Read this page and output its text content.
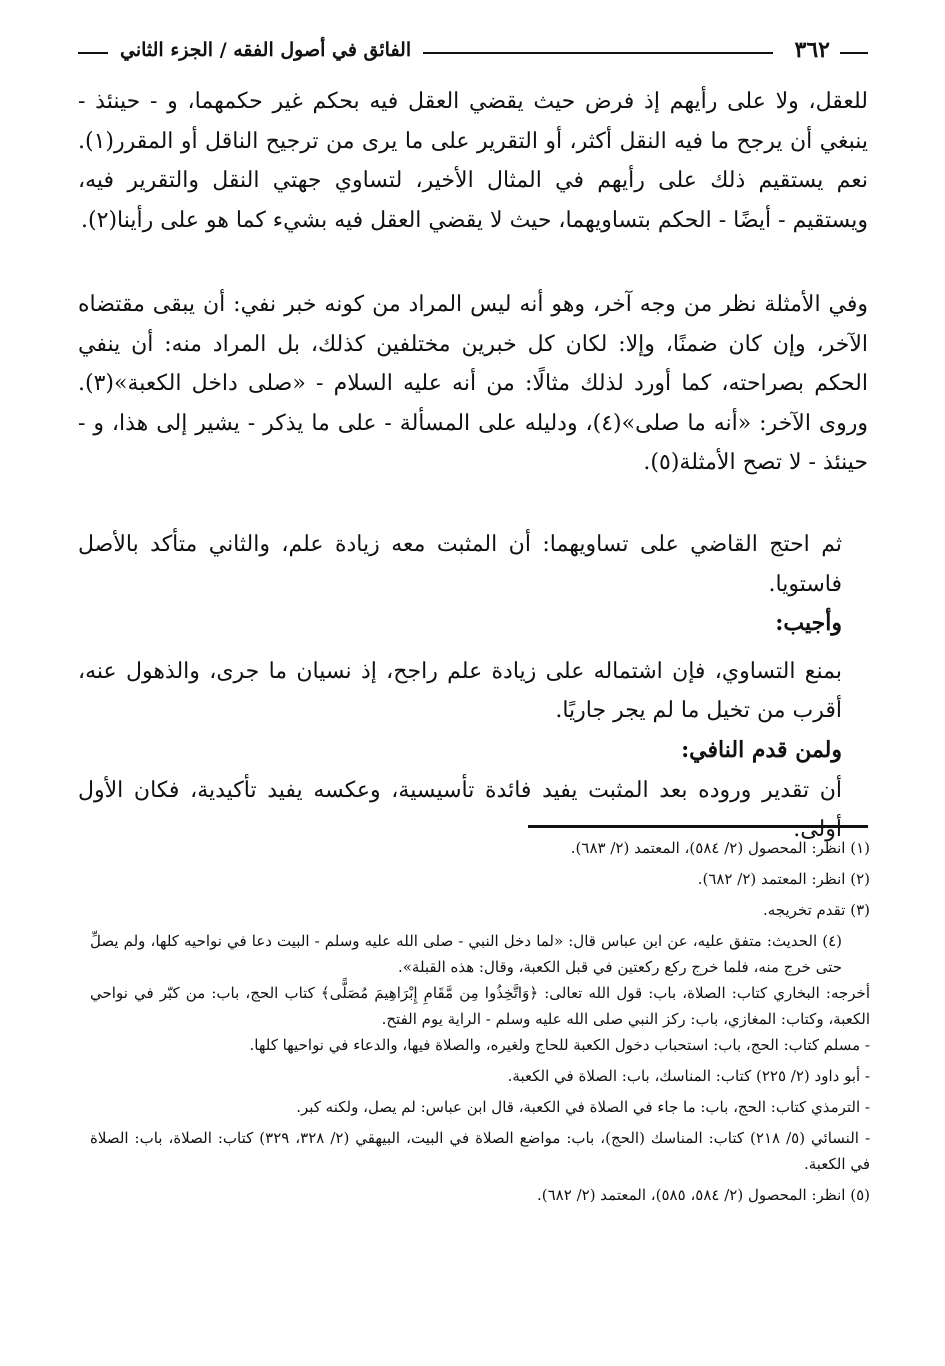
٣٦٢
الفائق في أصول الفقه / الجزء الثاني

للعقل، ولا على رأيهم إذ فرض حيث يقضي العقل فيه بحكم غير حكمهما، و - حينئذ - ينبغي أن يرجح ما فيه النقل أكثر، أو التقرير على ما يرى من ترجيح الناقل أو المقرر(١). نعم يستقيم ذلك على رأيهم في المثال الأخير، لتساوي جهتي النقل والتقرير فيه، ويستقيم - أيضًا - الحكم بتساويهما، حيث لا يقضي العقل فيه بشيء كما هو على رأينا(٢).

وفي الأمثلة نظر من وجه آخر، وهو أنه ليس المراد من كونه خبر نفي: أن يبقى مقتضاه الآخر، وإن كان ضمنًا، وإلا: لكان كل خبرين مختلفين كذلك، بل المراد منه: أن ينفي الحكم بصراحته، كما أورد لذلك مثالًا: من أنه عليه السلام - «صلى داخل الكعبة»(٣). وروى الآخر: «أنه ما صلى»(٤)، ودليله على المسألة - على ما يذكر - يشير إلى هذا، و - حينئذ - لا تصح الأمثلة(٥).

ثم احتج القاضي على تساويهما: أن المثبت معه زيادة علم، والثاني متأكد بالأصل فاستويا.

وأجيب:

بمنع التساوي، فإن اشتماله على زيادة علم راجح، إذ نسيان ما جرى، والذهول عنه، أقرب من تخيل ما لم يجر جاريًا.

ولمن قدم النافي:

أن تقدير وروده بعد المثبت يفيد فائدة تأسيسية، وعكسه يفيد تأكيدية، فكان الأول أولى.

(١) انظر: المحصول (٢/ ٥٨٤)، المعتمد (٢/ ٦٨٣).

(٢) انظر: المعتمد (٢/ ٦٨٢).

(٣) تقدم تخريجه.

(٤) الحديث: متفق عليه، عن ابن عباس قال: «لما دخل النبي - صلى الله عليه وسلم - البيت دعا في نواحيه كلها، ولم يصلِّ حتى خرج منه، فلما خرج ركع ركعتين في قبل الكعبة، وقال: هذه القبلة».

أخرجه: البخاري كتاب: الصلاة، باب: قول الله تعالى: ﴿وَاتَّخِذُوا مِن مَّقَامِ إِبْرَاهِيمَ مُصَلًّى﴾ كتاب الحج، باب: من كبّر في نواحي الكعبة، وكتاب: المغازي، باب: ركز النبي صلى الله عليه وسلم - الراية يوم الفتح.

- مسلم كتاب: الحج، باب: استحباب دخول الكعبة للحاج ولغيره، والصلاة فيها، والدعاء في نواحيها كلها.

- أبو داود (٢/ ٢٢٥) كتاب: المناسك، باب: الصلاة في الكعبة.

- الترمذي كتاب: الحج، باب: ما جاء في الصلاة في الكعبة، قال ابن عباس: لم يصل، ولكنه كبر.

- النسائي (٥/ ٢١٨) كتاب: المناسك (الحج)، باب: مواضع الصلاة في البيت، البيهقي (٢/ ٣٢٨، ٣٢٩) كتاب: الصلاة، باب: الصلاة في الكعبة.

(٥) انظر: المحصول (٢/ ٥٨٤، ٥٨٥)، المعتمد (٢/ ٦٨٢).
